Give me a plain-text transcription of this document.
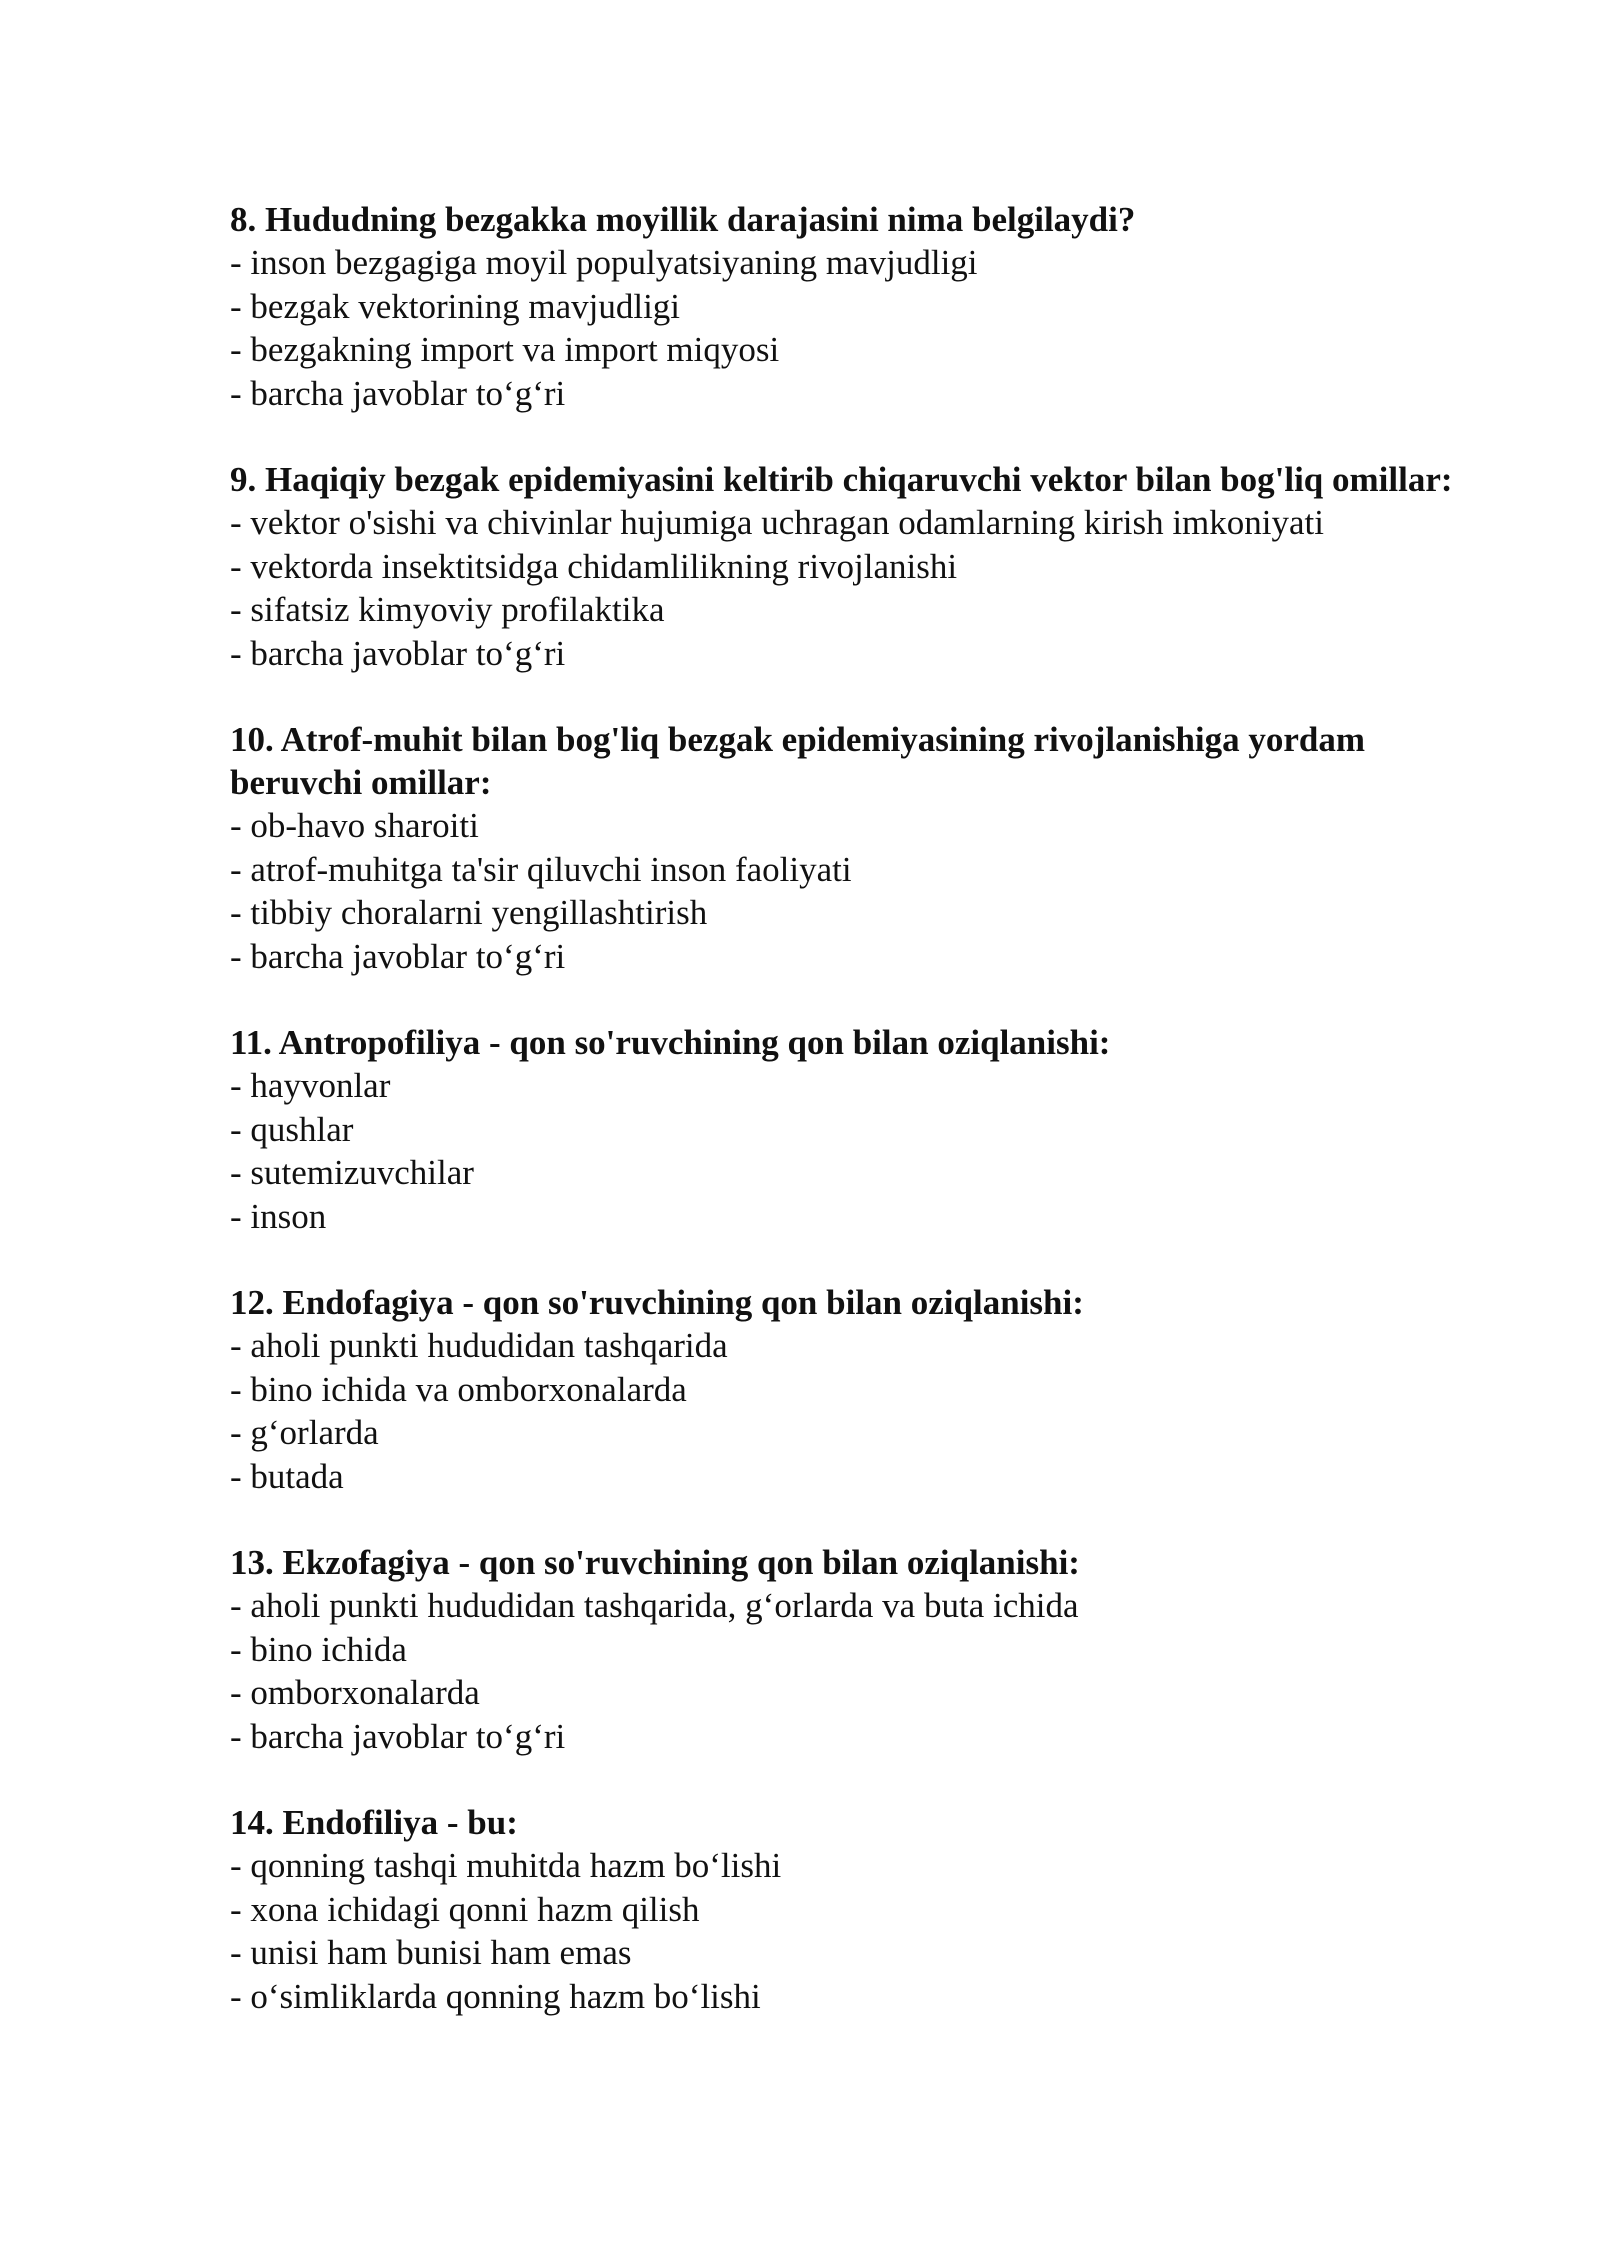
8. Hududning bezgakka moyillik darajasini nima belgilaydi?

- inson bezgagiga moyil populyatsiyaning mavjudligi

- bezgak vektorining mavjudligi

- bezgakning import va import miqyosi

- barcha javoblar to‘g‘ri

9. Haqiqiy bezgak epidemiyasini keltirib chiqaruvchi vektor bilan bog'liq omillar:

- vektor o'sishi va chivinlar hujumiga uchragan odamlarning kirish imkoniyati

- vektorda insektitsidga chidamlilikning rivojlanishi

- sifatsiz kimyoviy profilaktika

- barcha javoblar to‘g‘ri

10. Atrof-muhit bilan bog'liq bezgak epidemiyasining rivojlanishiga yordam beruvchi omillar:

- ob-havo sharoiti

- atrof-muhitga ta'sir qiluvchi inson faoliyati

- tibbiy choralarni yengillashtirish

- barcha javoblar to‘g‘ri

11. Antropofiliya - qon so'ruvchining qon bilan oziqlanishi:

- hayvonlar

- qushlar

- sutemizuvchilar

- inson

12. Endofagiya - qon so'ruvchining qon bilan oziqlanishi:

- aholi punkti hududidan tashqarida

- bino ichida va omborxonalarda

- g‘orlarda

- butada

13. Ekzofagiya - qon so'ruvchining qon bilan oziqlanishi:

- aholi punkti hududidan tashqarida, g‘orlarda va buta ichida

- bino ichida

- omborxonalarda

- barcha javoblar to‘g‘ri

14. Endofiliya - bu:

- qonning tashqi muhitda hazm bo‘lishi

- xona ichidagi qonni hazm qilish

- unisi ham bunisi ham emas

- o‘simliklarda qonning hazm bo‘lishi
